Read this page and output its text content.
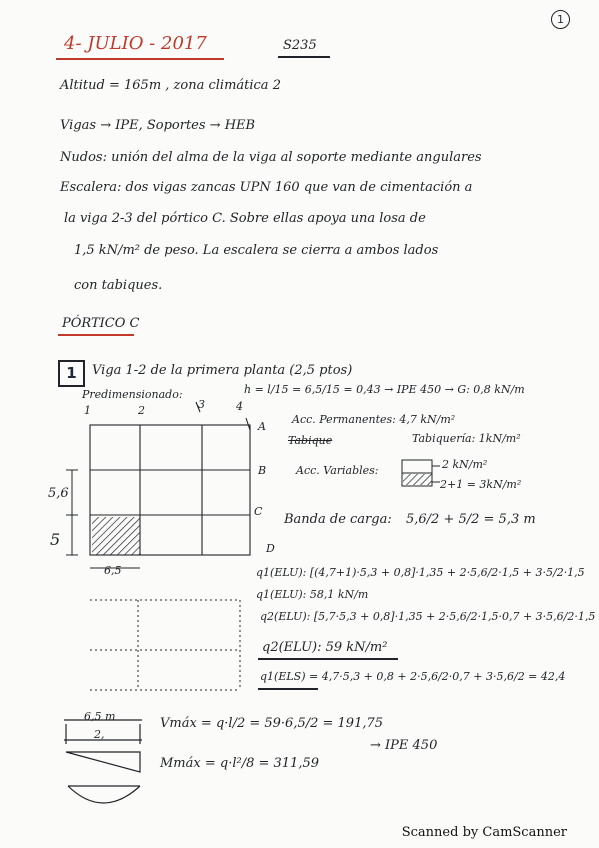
1
4- JULIO - 2017	S235
Altitud = 165m , zona climática 2
Vigas → IPE, Soportes → HEB
Nudos: unión del alma de la viga al soporte mediante angulares
Escalera: dos vigas zancas UPN 160 que van de cimentación a
la viga 2-3 del pórtico C. Sobre ellas apoya una losa de
1,5 kN/m² de peso. La escalera se cierra a ambos lados
con tabiques.
PÓRTICO C
1	Viga 1-2 de la primera planta (2,5 ptos)
Predimensionado:	h = l/15 = 6,5/15 = 0,43 → IPE 450 → G: 0,8 kN/m
1	2	3	4
A
B
C
D
5,6
5
6,5
Acc. Permanentes: 4,7 kN/m²
Tabique	Tabiquería: 1kN/m²
Acc. Variables:	2 kN/m²
2+1 = 3kN/m²
Banda de carga: 5,6/2 + 5/2 = 5,3 m
q1(ELU): [(4,7+1)·5,3 + 0,8]·1,35 + 2·5,6/2·1,5 + 3·5/2·1,5
q1(ELU): 58,1 kN/m
q2(ELU): [5,7·5,3 + 0,8]·1,35 + 2·5,6/2·1,5·0,7 + 3·5,6/2·1,5
q2(ELU): 59 kN/m²
q1(ELS) = 4,7·5,3 + 0,8 + 2·5,6/2·0,7 + 3·5,6/2 = 42,4
6,5 m
2,
Vmáx = q·l/2 = 59·6,5/2 = 191,75
Mmáx = q·l²/8 = 311,59
→ IPE 450
Scanned by CamScanner
